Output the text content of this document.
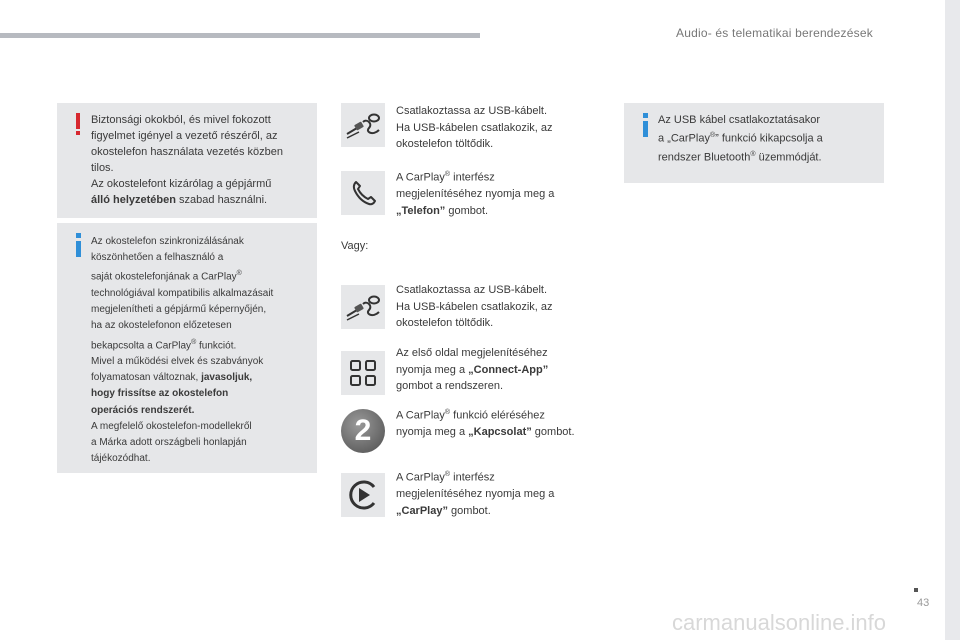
Audio- és telematikai berendezések
Biztonsági okokból, és mivel fokozott
figyelmet igényel a vezető részéről, az
okostelefon használata vezetés közben
tilos.
Az okostelefont kizárólag a gépjármű
álló helyzetében szabad használni.
Az okostelefon szinkronizálásának
köszönhetően a felhasználó a
saját okostelefonjának a CarPlay®
technológiával kompatibilis alkalmazásait
megjelenítheti a gépjármű képernyőjén,
ha az okostelefonon előzetesen
bekapcsolta a CarPlay® funkciót.
Mivel a működési elvek és szabványok
folyamatosan változnak, javasoljuk,
hogy frissítse az okostelefon
operációs rendszerét.
A megfelelő okostelefon-modellekről
a Márka adott országbeli honlapján
tájékozódhat.
Az USB kábel csatlakoztatásakor
a „CarPlay®” funkció kikapcsolja a
rendszer Bluetooth® üzemmódját.
Csatlakoztassa az USB-kábelt.
Ha USB-kábelen csatlakozik, az
okostelefon töltődik.
A CarPlay® interfész
megjelenítéséhez nyomja meg a
„Telefon” gombot.
Vagy:
Csatlakoztassa az USB-kábelt.
Ha USB-kábelen csatlakozik, az
okostelefon töltődik.
Az első oldal megjelenítéséhez
nyomja meg a „Connect-App”
gombot a rendszeren.
2	A CarPlay® funkció eléréséhez
nyomja meg a „Kapcsolat” gombot.
A CarPlay® interfész
megjelenítéséhez nyomja meg a
„CarPlay” gombot.
43
carmanualsonline.info
